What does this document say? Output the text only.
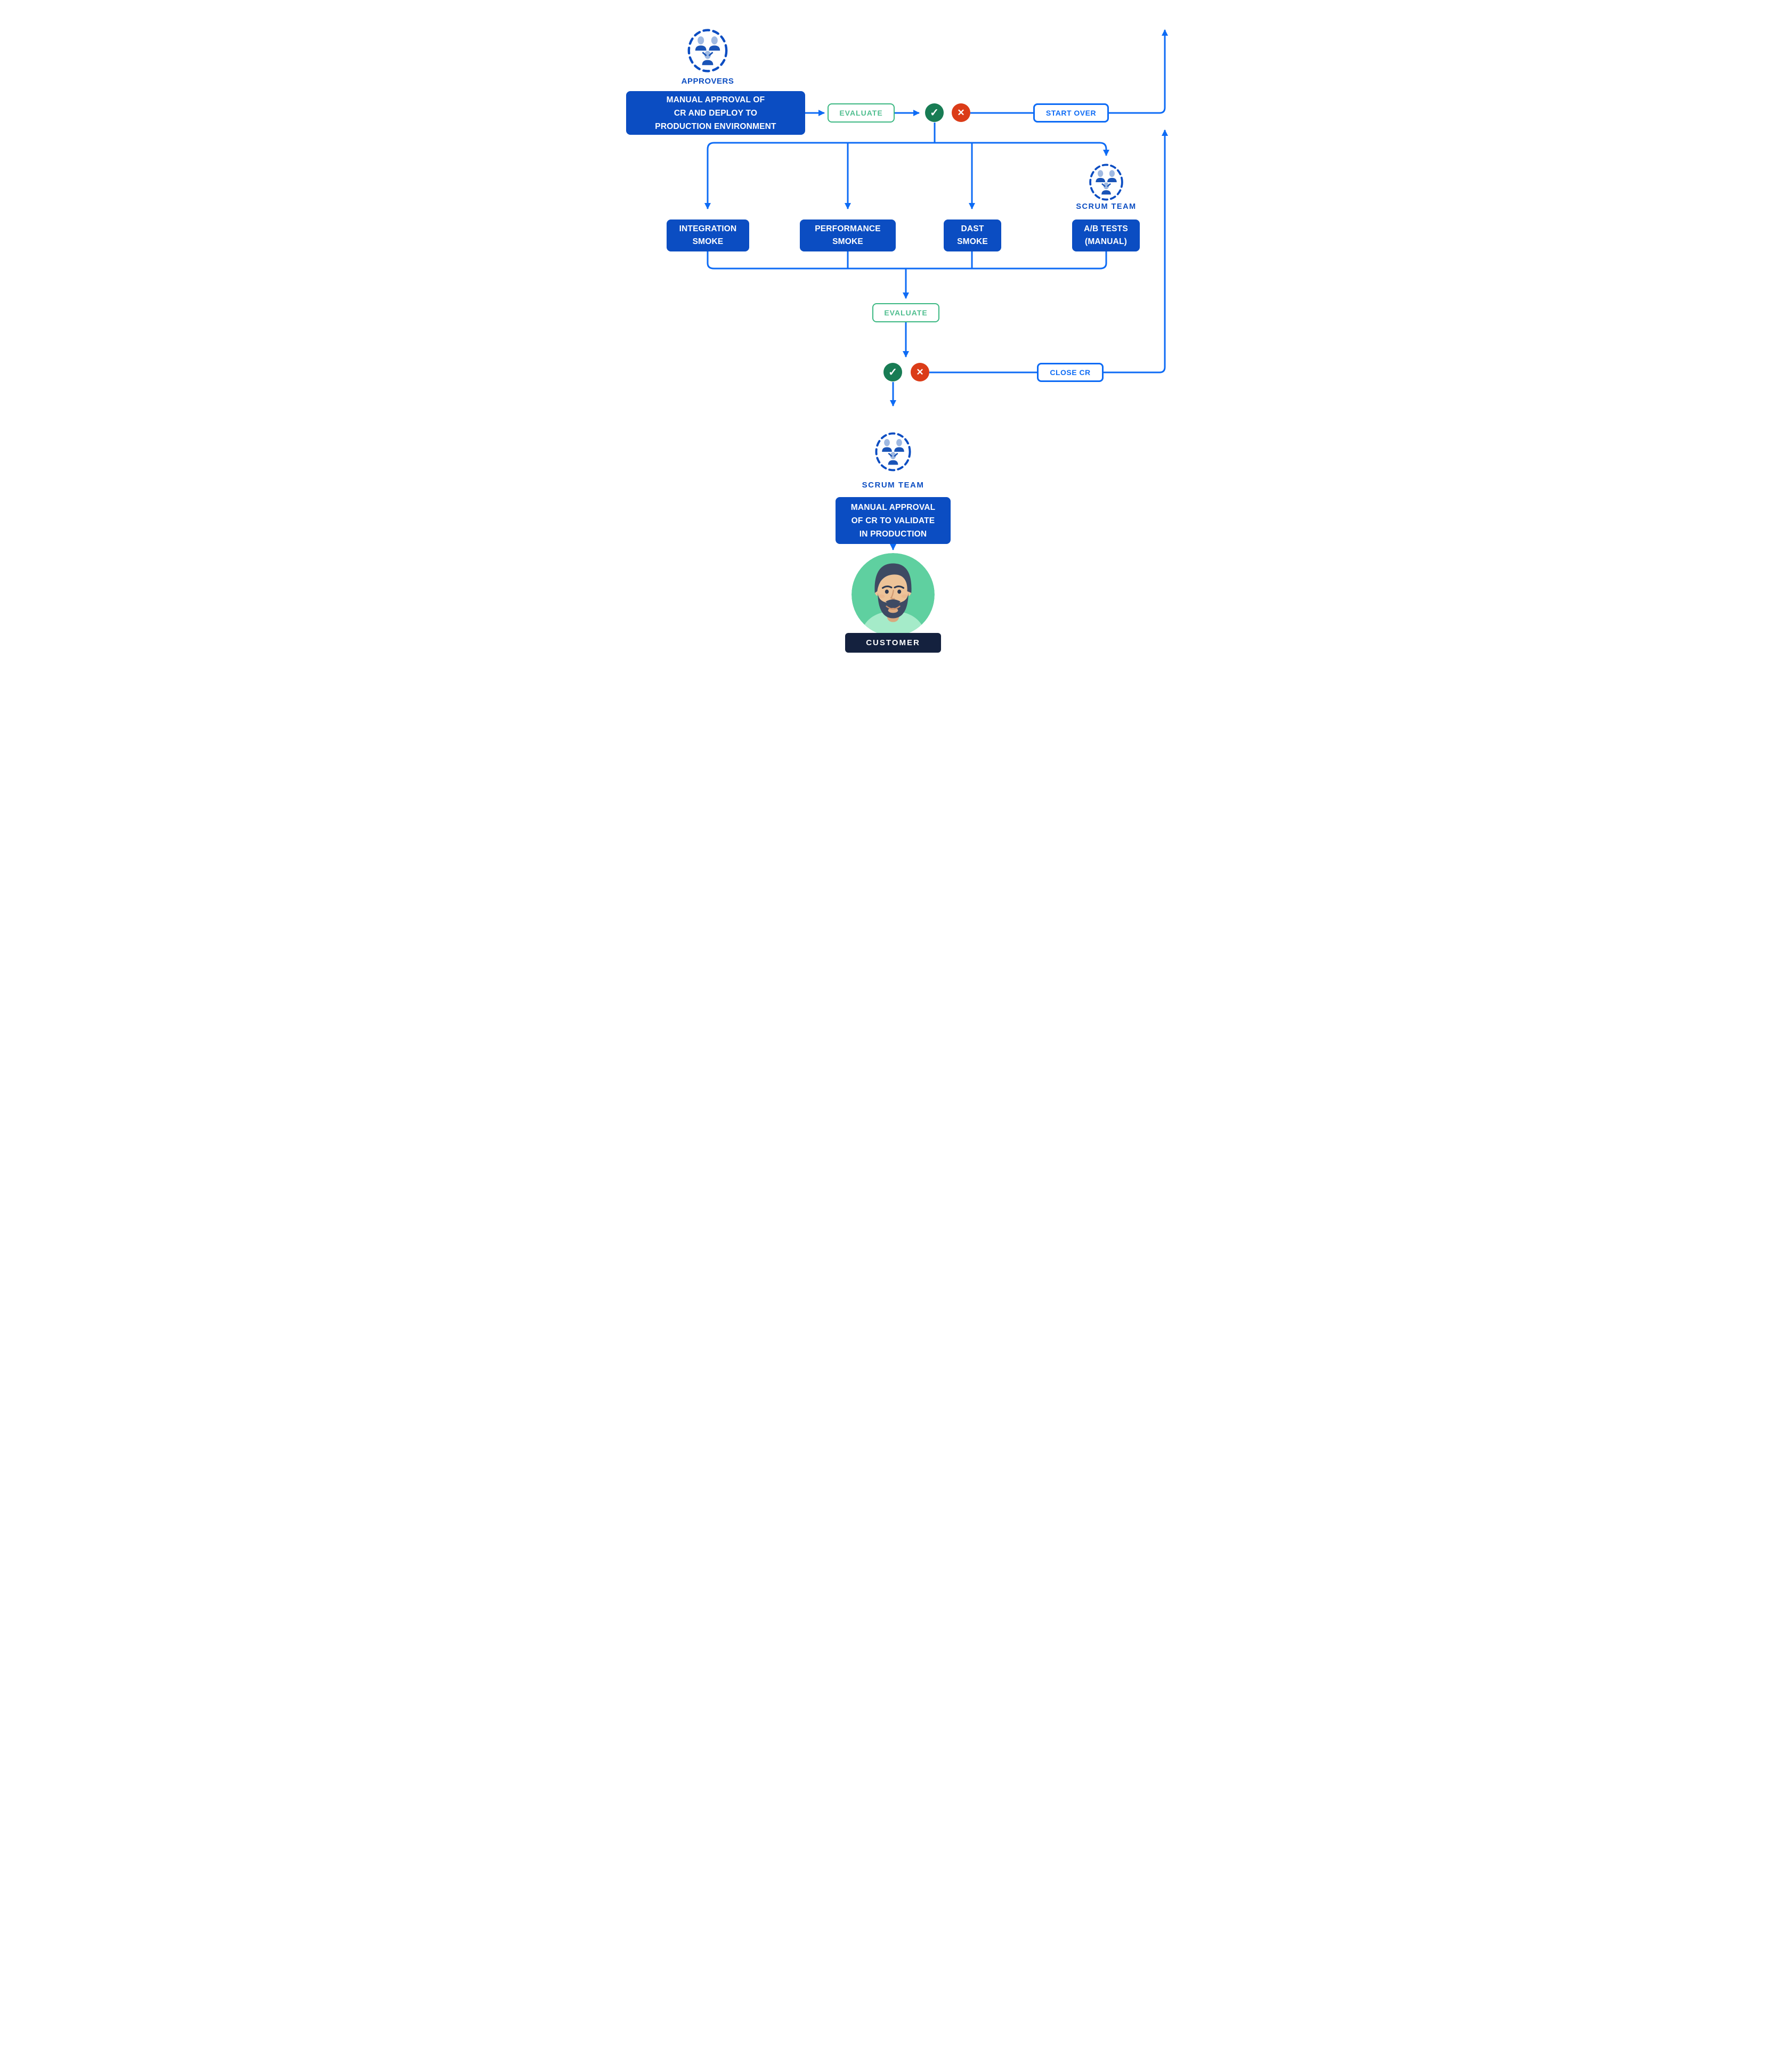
APPROVERS
MANUAL APPROVAL OF
CR AND DEPLOY TO
PRODUCTION ENVIRONMENT
EVALUATE	✓	✕	START OVER
INTEGRATION
SMOKE
PERFORMANCE
SMOKE
DAST
SMOKE
A/B TESTS
(MANUAL)
SCRUM TEAM
EVALUATE
✓	✕	CLOSE CR
SCRUM TEAM
MANUAL APPROVAL
OF CR TO VALIDATE
IN PRODUCTION
CUSTOMER
